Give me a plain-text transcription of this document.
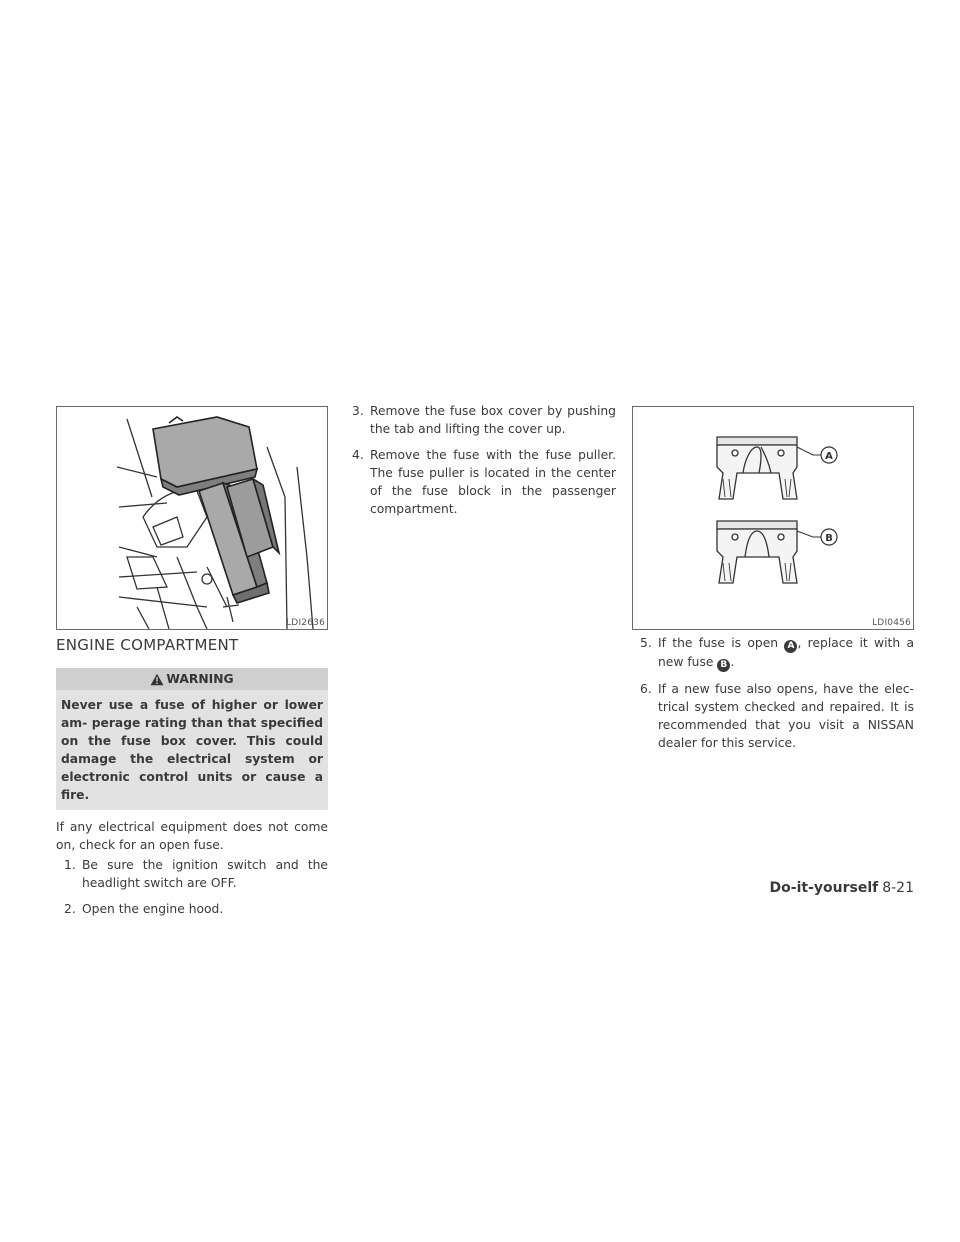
LDI2636
A
B
LDI0456
ENGINE COMPARTMENT
WARNING
Never use a fuse of higher or lower am- perage rating than that specified on the fuse box cover. This could damage the electrical system or electronic control units or cause a fire.

If any electrical equipment does not come on, check for an open fuse.

1. Be sure the ignition switch and the headlight switch are OFF.

2. Open the engine hood.

3. Remove the fuse box cover by pushing the tab and lifting the cover up.

4. Remove the fuse with the fuse puller. The fuse puller is located in the center of the fuse block in the passenger compartment.

5. If the fuse is open A , replace it with a new fuse B .

6. If a new fuse also opens, have the elec- trical system checked and repaired. It is recommended that you visit a NISSAN dealer for this service.

Do-it-yourself 8-21
